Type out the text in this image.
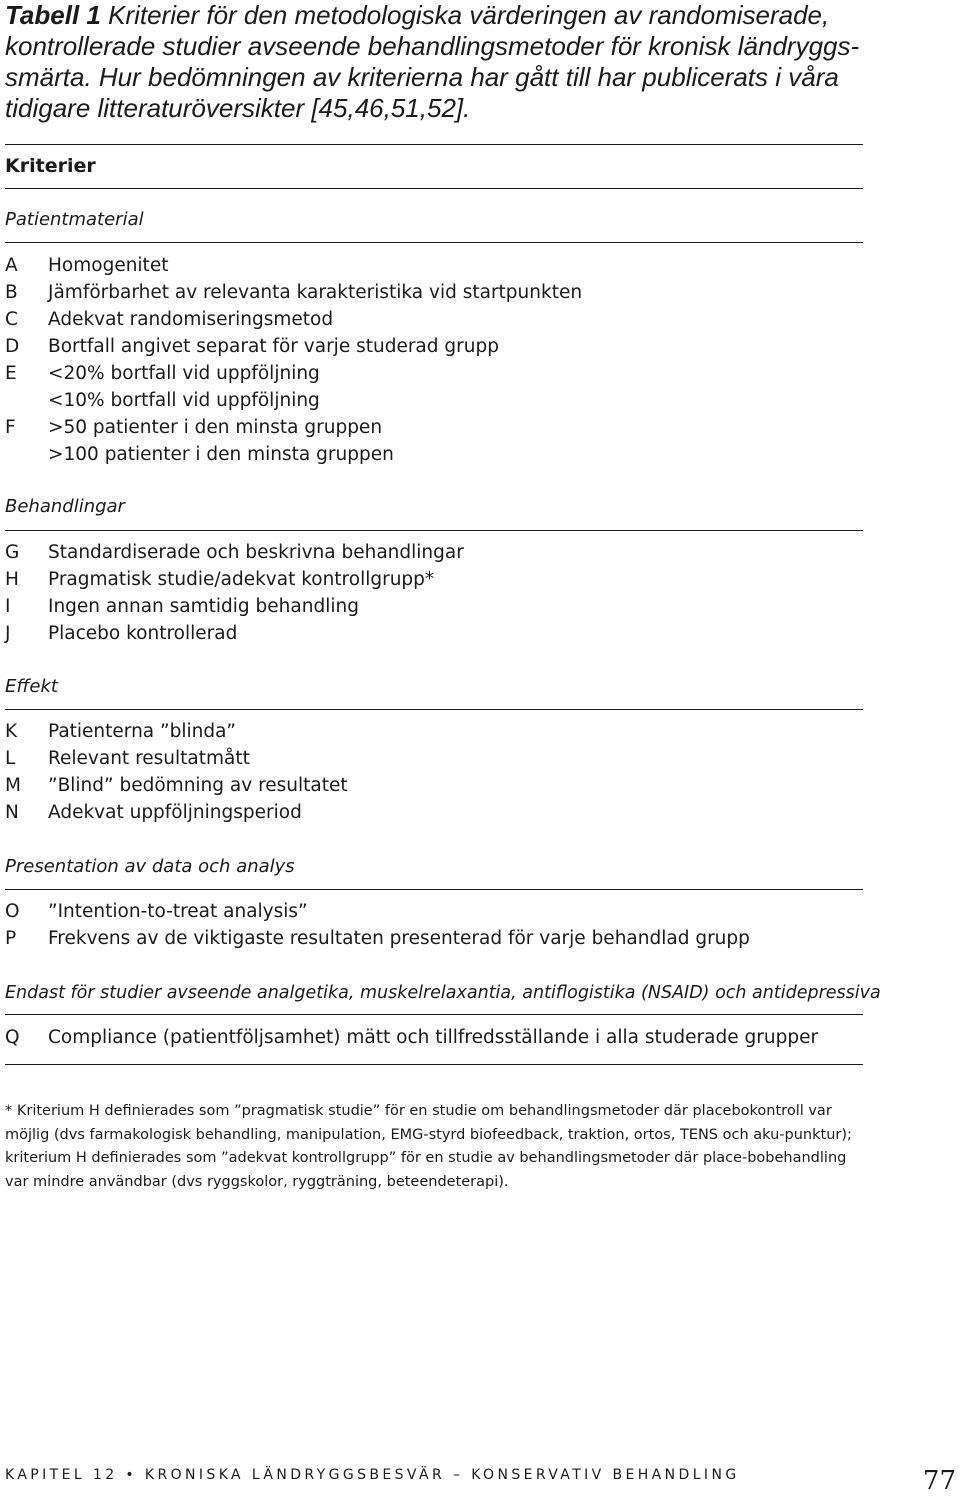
Tabell 1 Kriterier för den metodologiska värderingen av randomiserade, kontrollerade studier avseende behandlingsmetoder för kronisk ländryggs-smärta. Hur bedömningen av kriterierna har gått till har publicerats i våra tidigare litteraturöversikter [45,46,51,52].
Kriterier
Patientmaterial
A	Homogenitet
B	Jämförbarhet av relevanta karakteristika vid startpunkten
C	Adekvat randomiseringsmetod
D	Bortfall angivet separat för varje studerad grupp
E	<20% bortfall vid uppföljning
<10% bortfall vid uppföljning
F	>50 patienter i den minsta gruppen
>100 patienter i den minsta gruppen
Behandlingar
G	Standardiserade och beskrivna behandlingar
H	Pragmatisk studie/adekvat kontrollgrupp*
I	Ingen annan samtidig behandling
J	Placebo kontrollerad
Effekt
K	Patienterna ”blinda”
L	Relevant resultatmått
M	”Blind” bedömning av resultatet
N	Adekvat uppföljningsperiod
Presentation av data och analys
O	”Intention-to-treat analysis”
P	Frekvens av de viktigaste resultaten presenterad för varje behandlad grupp
Endast för studier avseende analgetika, muskelrelaxantia, antiflogistika (NSAID) och antidepressiva
Q	Compliance (patientföljsamhet) mätt och tillfredsställande i alla studerade grupper
* Kriterium H definierades som ”pragmatisk studie” för en studie om behandlingsmetoder där placebokontroll var möjlig (dvs farmakologisk behandling, manipulation, EMG-styrd biofeedback, traktion, ortos, TENS och aku-punktur); kriterium H definierades som ”adekvat kontrollgrupp” för en studie av behandlingsmetoder där place-bobehandling var mindre användbar (dvs ryggskolor, ryggträning, beteendeterapi).
KAPITEL 12 • KRONISKA LÄNDRYGGSBESVÄR – KONSERVATIV BEHANDLING	77
